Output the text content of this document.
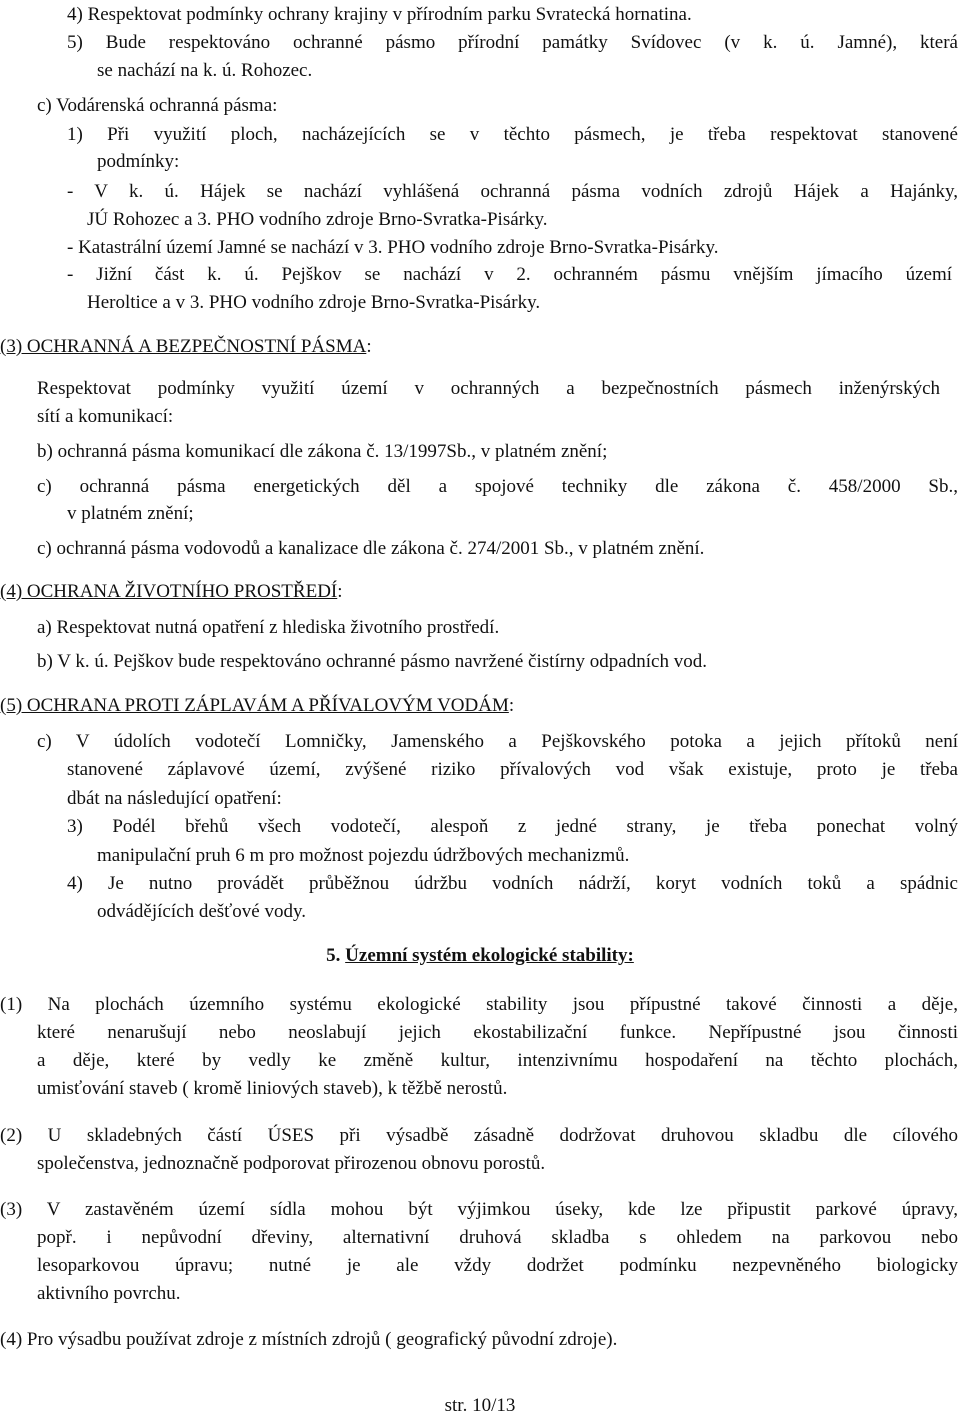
4) Respektovat podmínky ochrany krajiny v přírodním parku Svratecká hornatina.
5) Bude respektováno ochranné pásmo přírodní památky Svídovec (v k. ú. Jamné), která
se nachází na k. ú. Rohozec.
c) Vodárenská ochranná pásma:
1) Při využití ploch, nacházejících se v těchto pásmech, je třeba respektovat stanovené
podmínky:
- V k. ú. Hájek se nachází vyhlášená ochranná pásma vodních zdrojů Hájek a Hajánky,
JÚ Rohozec a 3. PHO vodního zdroje Brno-Svratka-Pisárky.
- Katastrální území Jamné se nachází v 3. PHO vodního zdroje Brno-Svratka-Pisárky.
- Jižní část k. ú. Pejškov se nachází v 2. ochranném pásmu vnějším jímacího území
Heroltice a v 3. PHO vodního zdroje Brno-Svratka-Pisárky.
(3) OCHRANNÁ A BEZPEČNOSTNÍ PÁSMA:
Respektovat podmínky využití území v ochranných a bezpečnostních pásmech inženýrských
sítí a komunikací:
b) ochranná pásma komunikací dle zákona č. 13/1997Sb., v platném znění;
c) ochranná pásma energetických děl a spojové techniky dle zákona č. 458/2000 Sb.,
v platném znění;
c) ochranná pásma vodovodů a kanalizace dle zákona č. 274/2001 Sb., v platném znění.
(4) OCHRANA ŽIVOTNÍHO PROSTŘEDÍ:
a) Respektovat nutná opatření z hlediska životního prostředí.
b) V k. ú. Pejškov bude respektováno ochranné pásmo navržené čistírny odpadních vod.
(5) OCHRANA PROTI ZÁPLAVÁM A PŘÍVALOVÝM VODÁM:
c) V údolích vodotečí Lomničky, Jamenského a Pejškovského potoka a jejich přítoků není
stanovené záplavové území, zvýšené riziko přívalových vod však existuje, proto je třeba
dbát na následující opatření:
3) Podél břehů všech vodotečí, alespoň z jedné strany, je třeba ponechat volný
manipulační pruh 6 m pro možnost pojezdu údržbových mechanizmů.
4) Je nutno provádět průběžnou údržbu vodních nádrží, koryt vodních toků a spádnic
odvádějících dešťové vody.
5. Územní systém ekologické stability:
(1) Na plochách územního systému ekologické stability jsou přípustné takové činnosti a děje,
které nenarušují nebo neoslabují jejich ekostabilizační funkce. Nepřípustné jsou činnosti
a děje, které by vedly ke změně kultur, intenzivnímu hospodaření na těchto plochách,
umisťování staveb ( kromě liniových staveb), k těžbě nerostů.
(2) U skladebných částí ÚSES při výsadbě zásadně dodržovat druhovou skladbu dle cílového
společenstva, jednoznačně podporovat přirozenou obnovu porostů.
(3) V zastavěném území sídla mohou být výjimkou úseky, kde lze připustit parkové úpravy,
popř. i nepůvodní dřeviny, alternativní druhová skladba s ohledem na parkovou nebo
lesoparkovou úpravu; nutné je ale vždy dodržet podmínku nezpevněného biologicky
aktivního povrchu.
(4) Pro výsadbu používat zdroje z místních zdrojů ( geografický původní zdroje).
str. 10/13
